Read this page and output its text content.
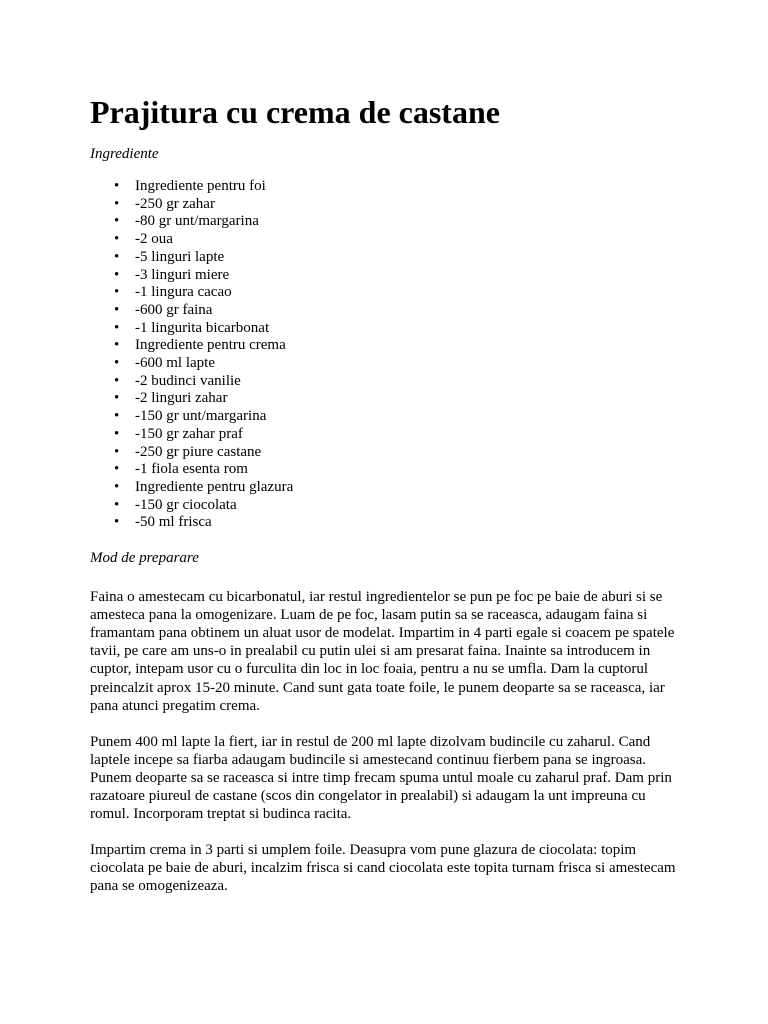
Prajitura cu crema de castane

Ingrediente

• Ingrediente pentru foi
• -250 gr zahar
• -80 gr unt/margarina
• -2 oua
• -5 linguri lapte
• -3 linguri miere
• -1 lingura cacao
• -600 gr faina
• -1 lingurita bicarbonat
• Ingrediente pentru crema
• -600 ml lapte
• -2 budinci vanilie
• -2 linguri zahar
• -150 gr unt/margarina
• -150 gr zahar praf
• -250 gr piure castane
• -1 fiola esenta rom
• Ingrediente pentru glazura
• -150 gr ciocolata
• -50 ml frisca

Mod de preparare

Faina o amestecam cu bicarbonatul, iar restul ingredientelor se pun pe foc pe baie de aburi si se amesteca pana la omogenizare. Luam de pe foc, lasam putin sa se raceasca, adaugam faina si framantam pana obtinem un aluat usor de modelat. Impartim in 4 parti egale si coacem pe spatele tavii, pe care am uns-o in prealabil cu putin ulei si am presarat faina. Inainte sa introducem in cuptor, intepam usor cu o furculita din loc in loc foaia, pentru a nu se umfla. Dam la cuptorul preincalzit aprox 15-20 minute. Cand sunt gata toate foile, le punem deoparte sa se raceasca, iar pana atunci pregatim crema.

Punem 400 ml lapte la fiert, iar in restul de 200 ml lapte dizolvam budincile cu zaharul. Cand laptele incepe sa fiarba adaugam budincile si amestecand continuu fierbem pana se ingroasa. Punem deoparte sa se raceasca si intre timp frecam spuma untul moale cu zaharul praf. Dam prin razatoare piureul de castane (scos din congelator in prealabil) si adaugam la unt impreuna cu romul. Incorporam treptat si budinca racita.

Impartim crema in 3 parti si umplem foile. Deasupra vom pune glazura de ciocolata: topim ciocolata pe baie de aburi, incalzim frisca si cand ciocolata este topita turnam frisca si amestecam pana se omogenizeaza.
